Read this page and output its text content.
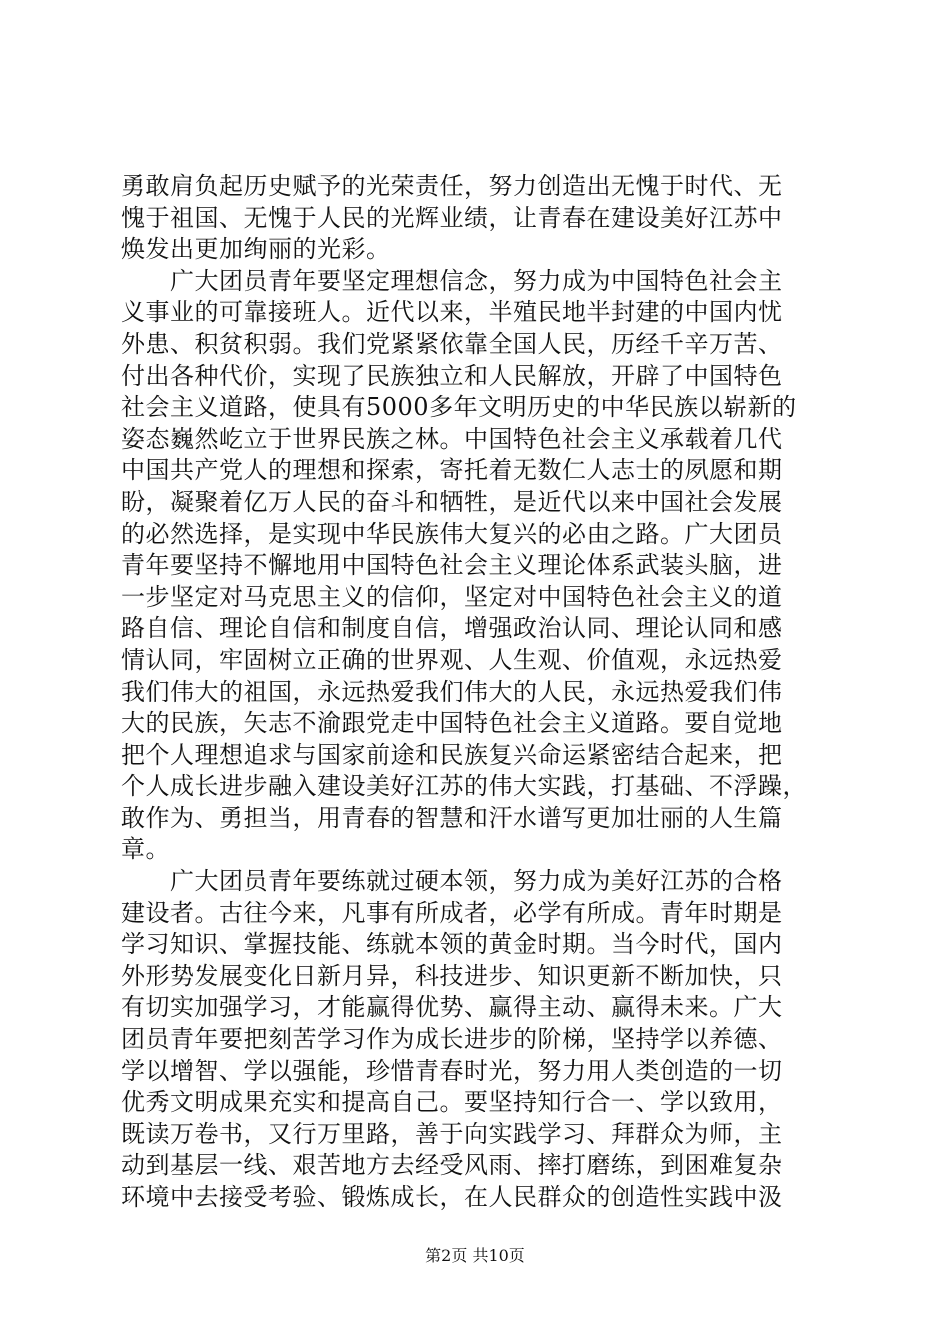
勇敢肩负起历史赋予的光荣责任，努力创造出无愧于时代、无
愧于祖国、无愧于人民的光辉业绩，让青春在建设美好江苏中
焕发出更加绚丽的光彩。
　　广大团员青年要坚定理想信念，努力成为中国特色社会主
义事业的可靠接班人。近代以来，半殖民地半封建的中国内忧
外患、积贫积弱。我们党紧紧依靠全国人民，历经千辛万苦、
付出各种代价，实现了民族独立和人民解放，开辟了中国特色
社会主义道路，使具有5000多年文明历史的中华民族以崭新的
姿态巍然屹立于世界民族之林。中国特色社会主义承载着几代
中国共产党人的理想和探索，寄托着无数仁人志士的夙愿和期
盼，凝聚着亿万人民的奋斗和牺牲，是近代以来中国社会发展
的必然选择，是实现中华民族伟大复兴的必由之路。广大团员
青年要坚持不懈地用中国特色社会主义理论体系武装头脑，进
一步坚定对马克思主义的信仰，坚定对中国特色社会主义的道
路自信、理论自信和制度自信，增强政治认同、理论认同和感
情认同，牢固树立正确的世界观、人生观、价值观，永远热爱
我们伟大的祖国，永远热爱我们伟大的人民，永远热爱我们伟
大的民族，矢志不渝跟党走中国特色社会主义道路。要自觉地
把个人理想追求与国家前途和民族复兴命运紧密结合起来，把
个人成长进步融入建设美好江苏的伟大实践，打基础、不浮躁，
敢作为、勇担当，用青春的智慧和汗水谱写更加壮丽的人生篇
章。
　　广大团员青年要练就过硬本领，努力成为美好江苏的合格
建设者。古往今来，凡事有所成者，必学有所成。青年时期是
学习知识、掌握技能、练就本领的黄金时期。当今时代，国内
外形势发展变化日新月异，科技进步、知识更新不断加快，只
有切实加强学习，才能赢得优势、赢得主动、赢得未来。广大
团员青年要把刻苦学习作为成长进步的阶梯，坚持学以养德、
学以增智、学以强能，珍惜青春时光，努力用人类创造的一切
优秀文明成果充实和提高自己。要坚持知行合一、学以致用，
既读万卷书，又行万里路，善于向实践学习、拜群众为师，主
动到基层一线、艰苦地方去经受风雨、摔打磨练，到困难复杂
环境中去接受考验、锻炼成长，在人民群众的创造性实践中汲
第2页 共10页
